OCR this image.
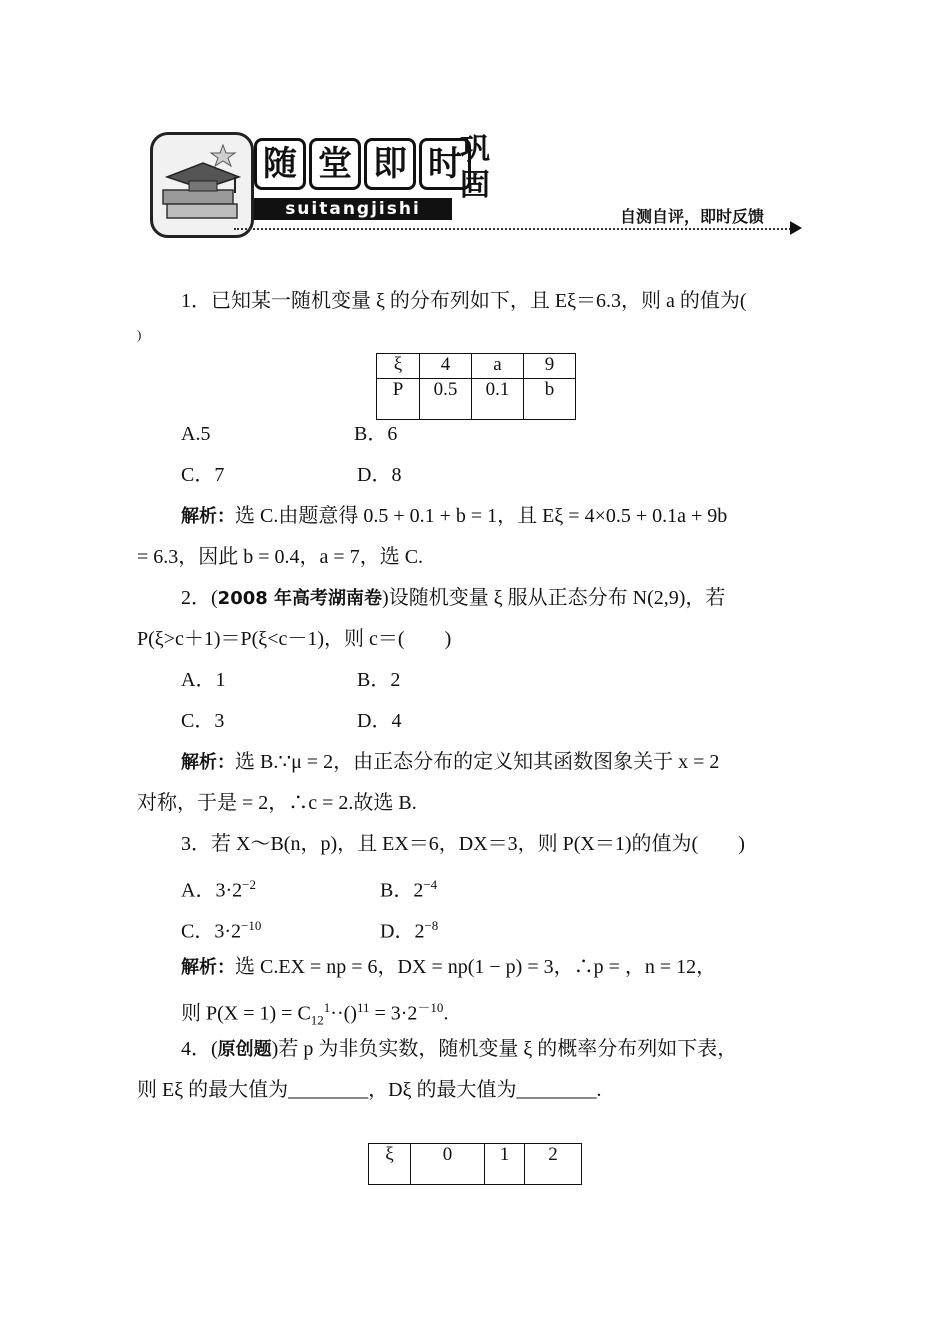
随 堂 即 时
suitangjishi
巩固
自测自评，即时反馈
1．已知某一随机变量 ξ 的分布列如下，且 Eξ＝6.3，则 a 的值为(
)
ξ	4	a	9
P	0.5	0.1	b
A.5	B．6
C．7	D．8
解析：选 C.由题意得 0.5 + 0.1 + b = 1，且 Eξ = 4×0.5 + 0.1a + 9b
= 6.3，因此 b = 0.4，a = 7，选 C.
2．(2008 年高考湖南卷)设随机变量 ξ 服从正态分布 N(2,9)，若
P(ξ>c＋1)＝P(ξ<c－1)，则 c＝(　　)
A．1	B．2
C．3	D．4
解析：选 B.∵μ = 2，由正态分布的定义知其函数图象关于 x = 2
对称，于是 = 2，∴c = 2.故选 B.
3．若 X～B(n，p)，且 EX＝6，DX＝3，则 P(X＝1)的值为(　　)
A．$3\cdot 2^{-2}$	B．$2^{-4}$
C．$3\cdot 2^{-10}$	D．$2^{-8}$
解析：选 C.EX = np = 6，DX = np(1 − p) = 3，∴p = ，n = 12，
则 $P(X = 1) = C_{12}^1\cdot\cdot()^{11} = 3\cdot 2^{-10}$.
4．(原创题)若 p 为非负实数，随机变量 ξ 的概率分布列如下表，
则 Eξ 的最大值为________，Dξ 的最大值为________.
ξ	0	1	2
